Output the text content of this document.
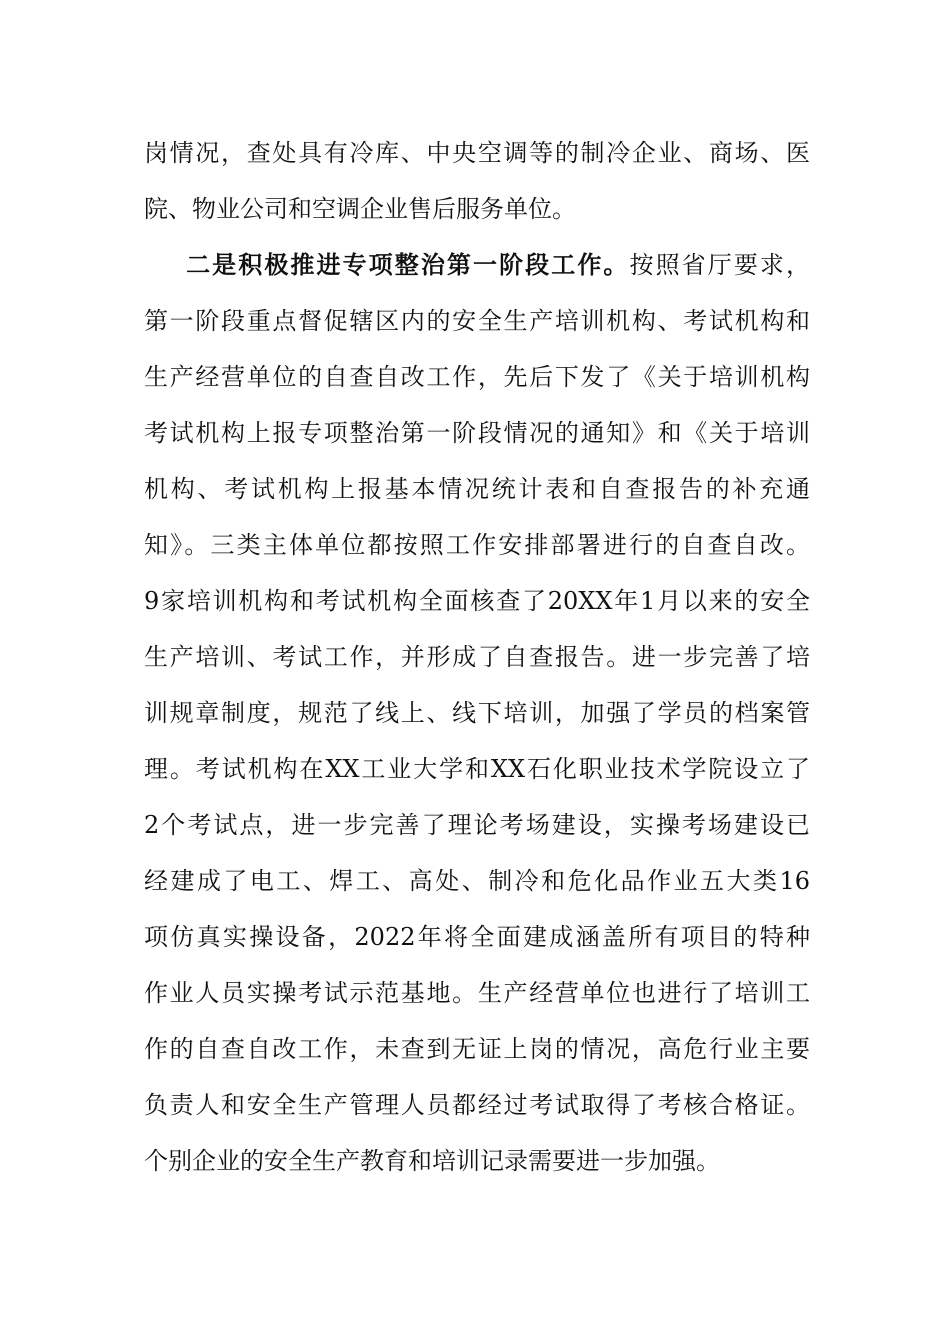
岗情况，查处具有冷库、中央空调等的制冷企业、商场、医
院、物业公司和空调企业售后服务单位。
二是积极推进专项整治第一阶段工作。按照省厅要求，
第一阶段重点督促辖区内的安全生产培训机构、考试机构和
生产经营单位的自查自改工作，先后下发了《关于培训机构
考试机构上报专项整治第一阶段情况的通知》和《关于培训
机构、考试机构上报基本情况统计表和自查报告的补充通
知》。三类主体单位都按照工作安排部署进行的自查自改。
9家培训机构和考试机构全面核查了20XX年1月以来的安全
生产培训、考试工作，并形成了自查报告。进一步完善了培
训规章制度，规范了线上、线下培训，加强了学员的档案管
理。考试机构在XX工业大学和XX石化职业技术学院设立了
2个考试点，进一步完善了理论考场建设，实操考场建设已
经建成了电工、焊工、高处、制冷和危化品作业五大类16
项仿真实操设备，2022年将全面建成涵盖所有项目的特种
作业人员实操考试示范基地。生产经营单位也进行了培训工
作的自查自改工作，未查到无证上岗的情况，高危行业主要
负责人和安全生产管理人员都经过考试取得了考核合格证。
个别企业的安全生产教育和培训记录需要进一步加强。
